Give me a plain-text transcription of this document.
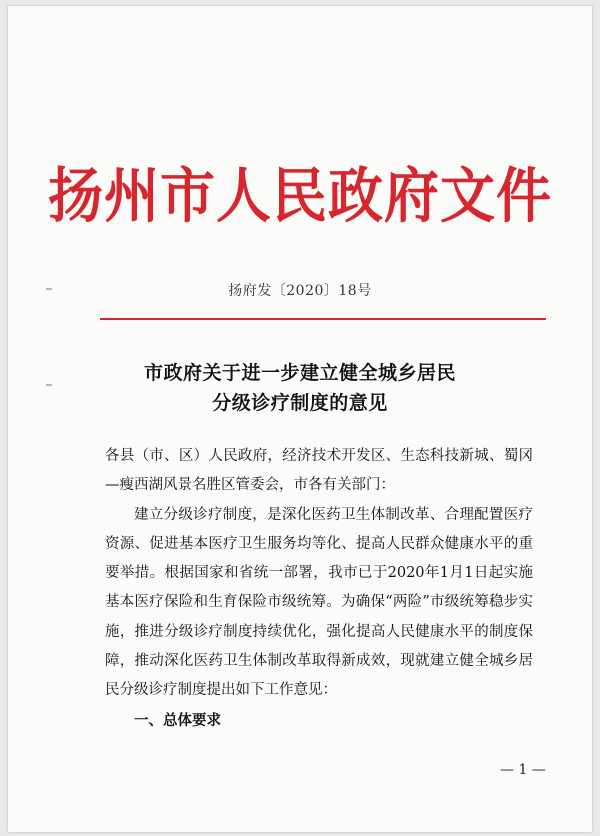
扬州市人民政府文件
扬府发〔2020〕18号
市政府关于进一步建立健全城乡居民
分级诊疗制度的意见

各县（市、区）人民政府，经济技术开发区、生态科技新城、蜀冈—瘦西湖风景名胜区管委会，市各有关部门：

建立分级诊疗制度，是深化医药卫生体制改革、合理配置医疗资源、促进基本医疗卫生服务均等化、提高人民群众健康水平的重要举措。根据国家和省统一部署，我市已于2020年1月1日起实施基本医疗保险和生育保险市级统筹。为确保“两险”市级统筹稳步实施，推进分级诊疗制度持续优化，强化提高人民健康水平的制度保障，推动深化医药卫生体制改革取得新成效，现就建立健全城乡居民分级诊疗制度提出如下工作意见：

一、总体要求

— 1 —
